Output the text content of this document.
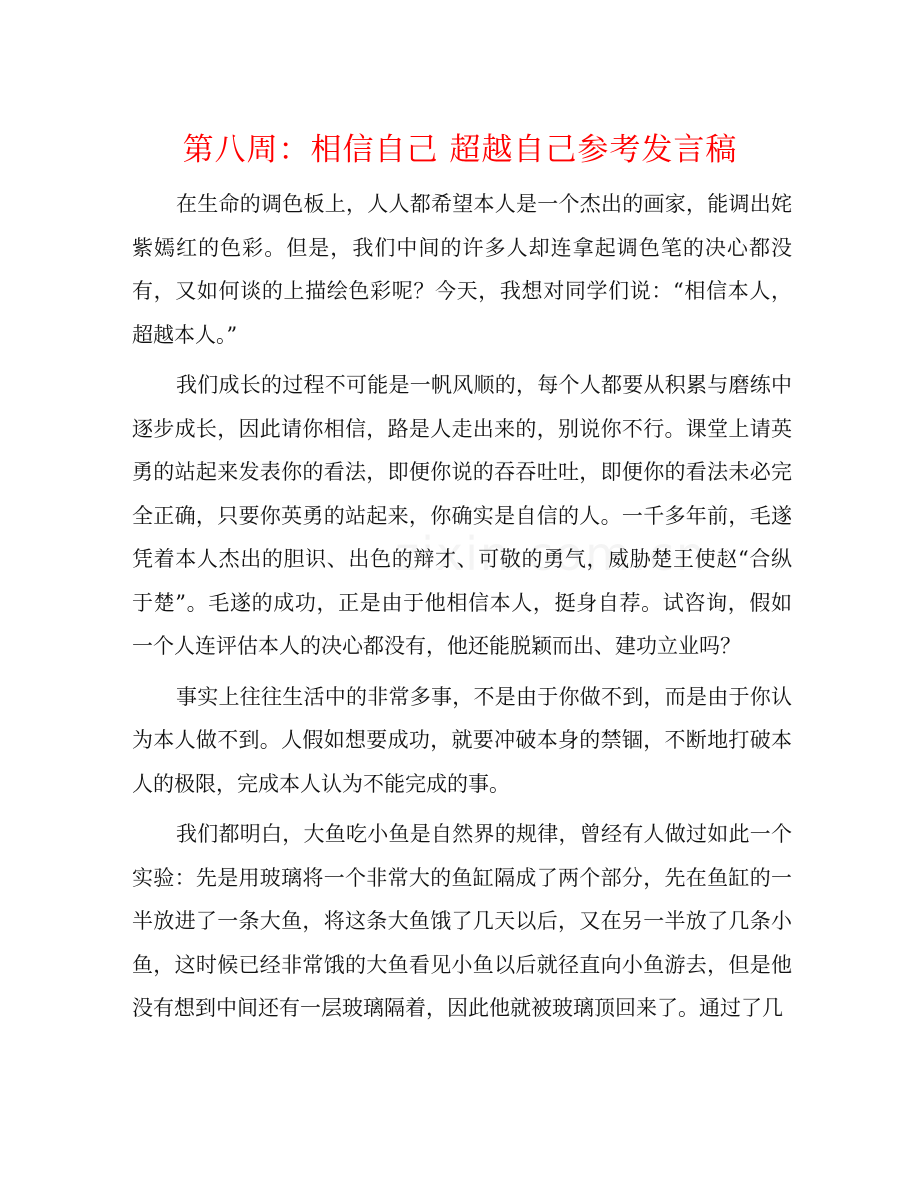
第八周：相信自己 超越自己参考发言稿

在生命的调色板上，人人都希望本人是一个杰出的画家，能调出姹紫嫣红的色彩。但是，我们中间的许多人却连拿起调色笔的决心都没有，又如何谈的上描绘色彩呢？今天，我想对同学们说：“相信本人，超越本人。”

我们成长的过程不可能是一帆风顺的，每个人都要从积累与磨练中逐步成长，因此请你相信，路是人走出来的，别说你不行。课堂上请英勇的站起来发表你的看法，即便你说的吞吞吐吐，即便你的看法未必完全正确，只要你英勇的站起来，你确实是自信的人。一千多年前，毛遂凭着本人杰出的胆识、出色的辩才、可敬的勇气，威胁楚王使赵“合纵于楚”。毛遂的成功，正是由于他相信本人，挺身自荐。试咨询，假如一个人连评估本人的决心都没有，他还能脱颖而出、建功立业吗？

事实上往往生活中的非常多事，不是由于你做不到，而是由于你认为本人做不到。人假如想要成功，就要冲破本身的禁锢，不断地打破本人的极限，完成本人认为不能完成的事。

我们都明白，大鱼吃小鱼是自然界的规律，曾经有人做过如此一个实验：先是用玻璃将一个非常大的鱼缸隔成了两个部分，先在鱼缸的一半放进了一条大鱼，将这条大鱼饿了几天以后，又在另一半放了几条小鱼，这时候已经非常饿的大鱼看见小鱼以后就径直向小鱼游去，但是他没有想到中间还有一层玻璃隔着，因此他就被玻璃顶回来了。通过了几
